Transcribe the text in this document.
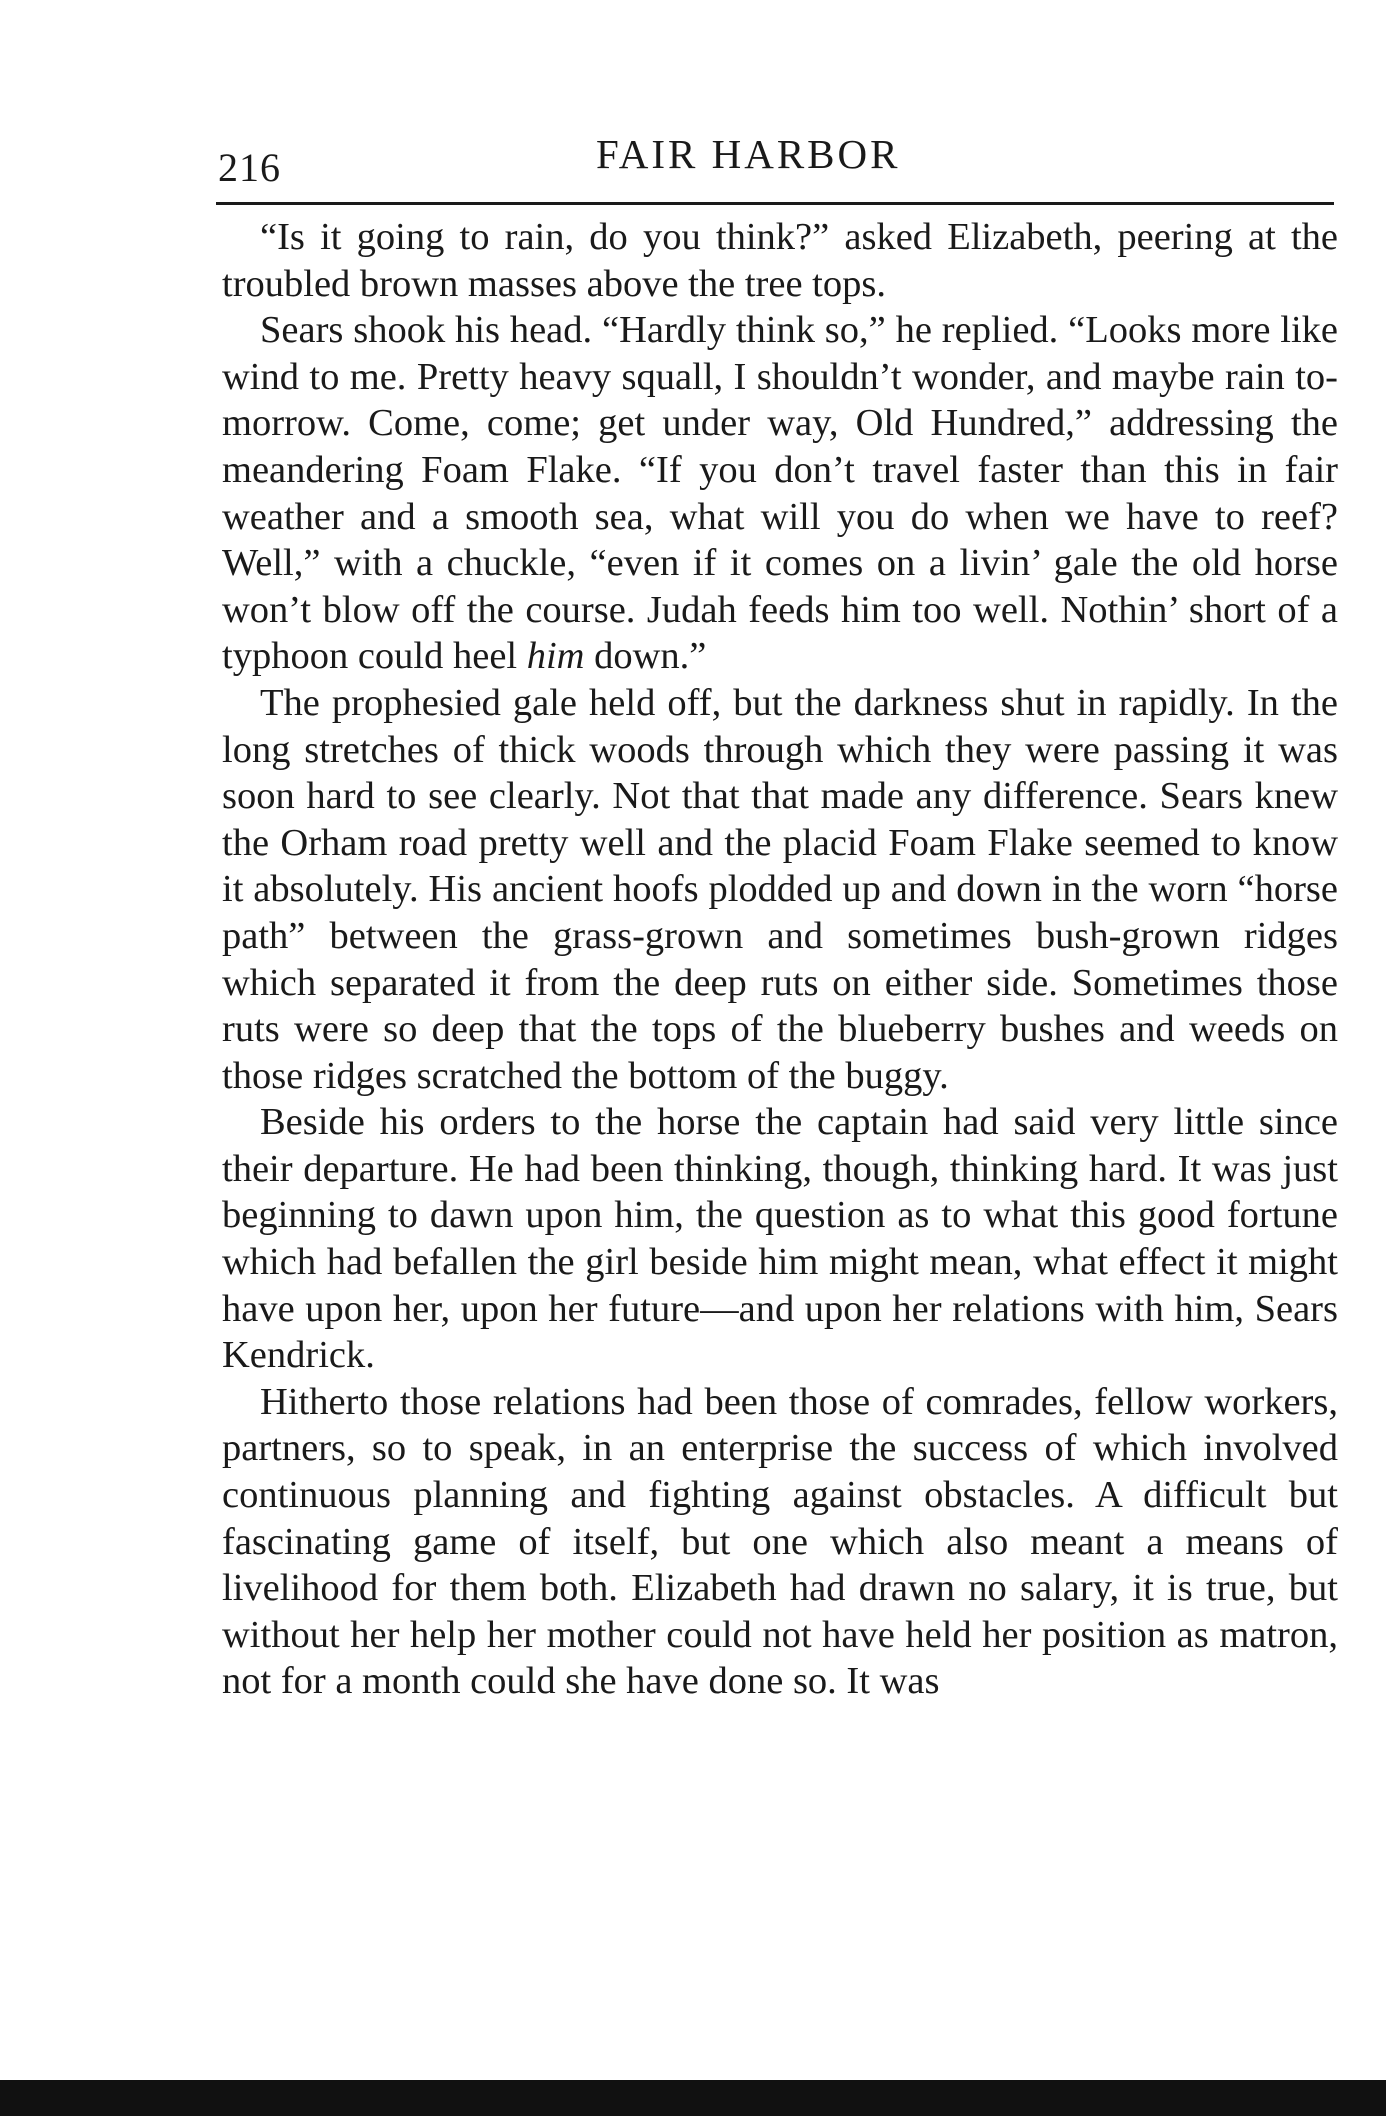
216	FAIR HARBOR

“Is it going to rain, do you think?” asked Elizabeth, peering at the troubled brown masses above the tree tops.

Sears shook his head. “Hardly think so,” he replied. “Looks more like wind to me. Pretty heavy squall, I shouldn’t wonder, and maybe rain to-morrow. Come, come; get under way, Old Hundred,” addressing the meandering Foam Flake. “If you don’t travel faster than this in fair weather and a smooth sea, what will you do when we have to reef? Well,” with a chuckle, “even if it comes on a livin’ gale the old horse won’t blow off the course. Judah feeds him too well. Nothin’ short of a typhoon could heel him down.”

The prophesied gale held off, but the darkness shut in rapidly. In the long stretches of thick woods through which they were passing it was soon hard to see clearly. Not that that made any difference. Sears knew the Orham road pretty well and the placid Foam Flake seemed to know it absolutely. His ancient hoofs plodded up and down in the worn “horse path” between the grass-grown and sometimes bush-grown ridges which separated it from the deep ruts on either side. Sometimes those ruts were so deep that the tops of the blueberry bushes and weeds on those ridges scratched the bottom of the buggy.

Beside his orders to the horse the captain had said very little since their departure. He had been thinking, though, thinking hard. It was just beginning to dawn upon him, the question as to what this good fortune which had befallen the girl beside him might mean, what effect it might have upon her, upon her future—and upon her relations with him, Sears Kendrick.

Hitherto those relations had been those of comrades, fellow workers, partners, so to speak, in an enterprise the success of which involved continuous planning and fighting against obstacles. A difficult but fascinating game of itself, but one which also meant a means of livelihood for them both. Elizabeth had drawn no salary, it is true, but without her help her mother could not have held her position as matron, not for a month could she have done so. It was
